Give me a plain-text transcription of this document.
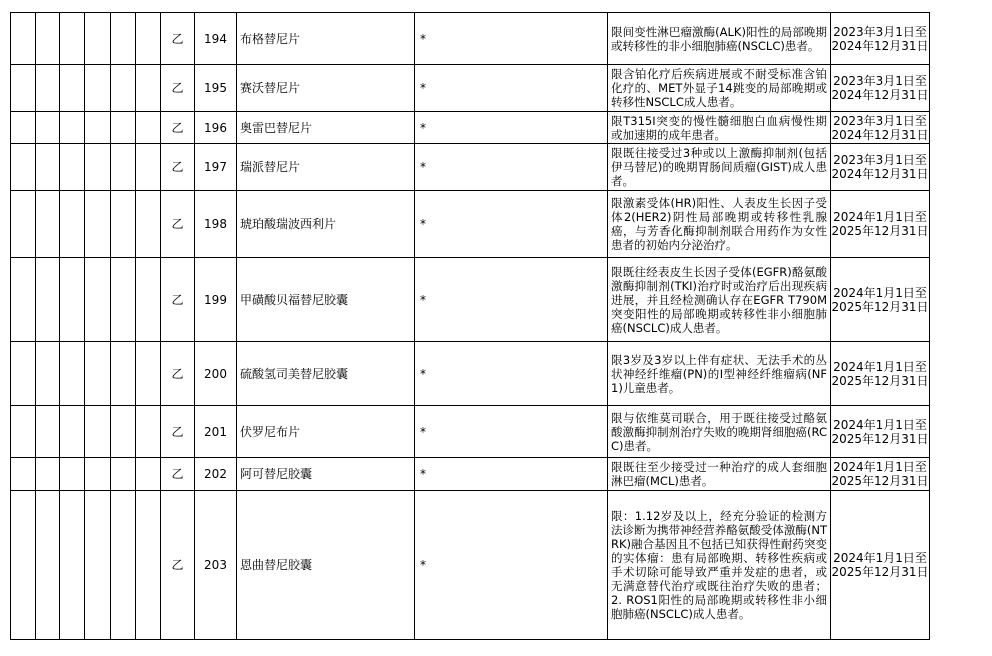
						乙	194	布格替尼片	*	限间变性淋巴瘤激酶(ALK)阳性的局部晚期或转移性的非小细胞肺癌(NSCLC)患者。	2023年3月1日至
2024年12月31日

						乙	195	赛沃替尼片	*	限含铂化疗后疾病进展或不耐受标准含铂化疗的、MET外显子14跳变的局部晚期或转移性NSCLC成人患者。	2023年3月1日至
2024年12月31日

						乙	196	奥雷巴替尼片	*	限T315I突变的慢性髓细胞白血病慢性期或加速期的成年患者。	2023年3月1日至
2024年12月31日

						乙	197	瑞派替尼片	*	限既往接受过3种或以上激酶抑制剂(包括伊马替尼)的晚期胃肠间质瘤(GIST)成人患者。	2023年3月1日至
2024年12月31日

						乙	198	琥珀酸瑞波西利片	*	限激素受体(HR)阳性、人表皮生长因子受体2(HER2)阴性局部晚期或转移性乳腺癌，与芳香化酶抑制剂联合用药作为女性患者的初始内分泌治疗。	2024年1月1日至
2025年12月31日

						乙	199	甲磺酸贝福替尼胶囊	*	限既往经表皮生长因子受体(EGFR)酪氨酸激酶抑制剂(TKI)治疗时或治疗后出现疾病进展，并且经检测确认存在EGFR T790M 突变阳性的局部晚期或转移性非小细胞肺癌(NSCLC)成人患者。	2024年1月1日至
2025年12月31日

						乙	200	硫酸氢司美替尼胶囊	*	限3岁及3岁以上伴有症状、无法手术的丛状神经纤维瘤(PN)的I型神经纤维瘤病(NF1)儿童患者。	2024年1月1日至
2025年12月31日

						乙	201	伏罗尼布片	*	限与依维莫司联合，用于既往接受过酪氨酸激酶抑制剂治疗失败的晚期肾细胞癌(RCC)患者。	2024年1月1日至
2025年12月31日

						乙	202	阿可替尼胶囊	*	限既往至少接受过一种治疗的成人套细胞淋巴瘤(MCL)患者。	2024年1月1日至
2025年12月31日

						乙	203	恩曲替尼胶囊	*	限：1.12岁及以上，经充分验证的检测方法诊断为携带神经营养酪氨酸受体激酶(NTRK)融合基因且不包括已知获得性耐药突变的实体瘤：患有局部晚期、转移性疾病或手术切除可能导致严重并发症的患者，或无满意替代治疗或既往治疗失败的患者；2. ROS1阳性的局部晚期或转移性非小细胞肺癌(NSCLC)成人患者。	2024年1月1日至
2025年12月31日
